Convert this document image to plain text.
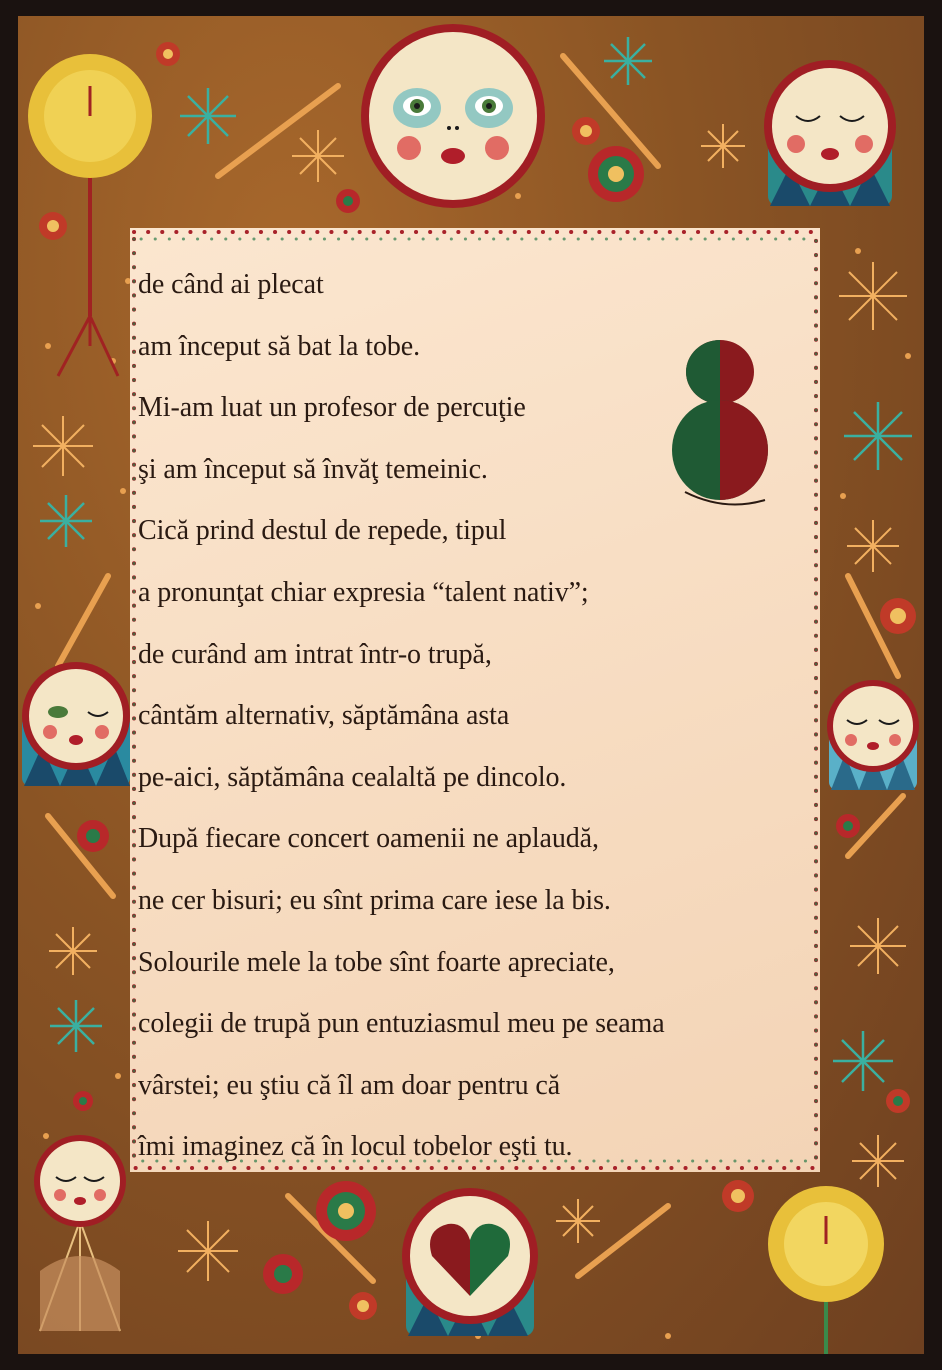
de când ai plecat
am început să bat la tobe.
Mi-am luat un profesor de percuţie
şi am început să învăţ temeinic.
Cică prind destul de repede, tipul
a pronunţat chiar expresia “talent nativ”;
de curând am intrat într-o trupă,
cântăm alternativ, săptămâna asta
pe-aici, săptămâna cealaltă pe dincolo.
După fiecare concert oamenii ne aplaudă,
ne cer bisuri; eu sînt prima care iese la bis.
Solourile mele la tobe sînt foarte apreciate,
colegii de trupă pun entuziasmul meu pe seama
vârstei; eu ştiu că îl am doar pentru că
îmi imaginez că în locul tobelor eşti tu.
